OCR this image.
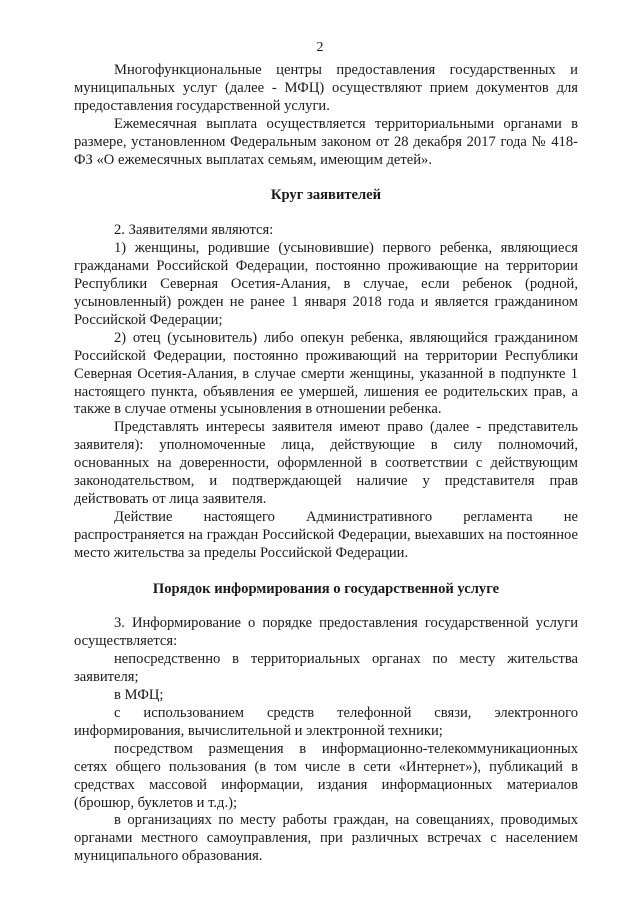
2

Многофункциональные центры предоставления государственных и муниципальных услуг (далее - МФЦ) осуществляют прием документов для предоставления государственной услуги.

Ежемесячная выплата осуществляется территориальными органами в размере, установленном Федеральным законом от 28 декабря 2017 года № 418-ФЗ «О ежемесячных выплатах семьям, имеющим детей».

Круг заявителей

2. Заявителями являются:

1) женщины, родившие (усыновившие) первого ребенка, являющиеся гражданами Российской Федерации, постоянно проживающие на территории Республики Северная Осетия-Алания, в случае, если ребенок (родной, усыновленный) рожден не ранее 1 января 2018 года и является гражданином Российской Федерации;

2) отец (усыновитель) либо опекун ребенка, являющийся гражданином Российской Федерации, постоянно проживающий на территории Республики Северная Осетия-Алания, в случае смерти женщины, указанной в подпункте 1 настоящего пункта, объявления ее умершей, лишения ее родительских прав, а также в случае отмены усыновления в отношении ребенка.

Представлять интересы заявителя имеют право (далее - представитель заявителя): уполномоченные лица, действующие в силу полномочий, основанных на доверенности, оформленной в соответствии с действующим законодательством, и подтверждающей наличие у представителя прав действовать от лица заявителя.

Действие настоящего Административного регламента не распространяется на граждан Российской Федерации, выехавших на постоянное место жительства за пределы Российской Федерации.

Порядок информирования о государственной услуге

3. Информирование о порядке предоставления государственной услуги осуществляется:

непосредственно в территориальных органах по месту жительства заявителя;

в МФЦ;

с использованием средств телефонной связи, электронного информирования, вычислительной и электронной техники;

посредством размещения в информационно-телекоммуникационных сетях общего пользования (в том числе в сети «Интернет»), публикаций в средствах массовой информации, издания информационных материалов (брошюр, буклетов и т.д.);

в организациях по месту работы граждан, на совещаниях, проводимых органами местного самоуправления, при различных встречах с населением муниципального образования.
